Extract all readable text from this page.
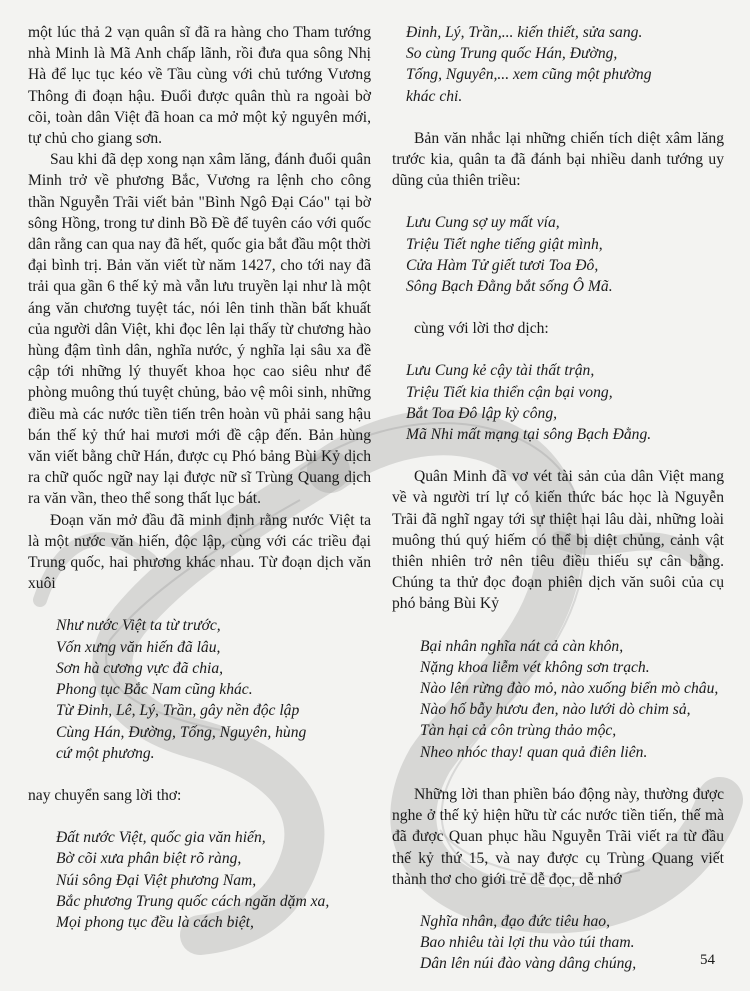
một lúc thả 2 vạn quân sĩ đã ra hàng cho Tham tướng nhà Minh là Mã Anh chấp lãnh, rồi đưa qua sông Nhị Hà để lục tục kéo về Tầu cùng với chủ tướng Vương Thông đi đoạn hậu. Đuổi được quân thù ra ngoài bờ cõi, toàn dân Việt đã hoan ca mở một kỷ nguyên mới, tự chủ cho giang sơn.

Sau khi đã dẹp xong nạn xâm lăng, đánh đuổi quân Minh trở về phương Bắc, Vương ra lệnh cho công thần Nguyễn Trãi viết bản "Bình Ngô Đại Cáo" tại bờ sông Hồng, trong tư dinh Bồ Đề để tuyên cáo với quốc dân rằng can qua nay đã hết, quốc gia bắt đầu một thời đại bình trị. Bản văn viết từ năm 1427, cho tới nay đã trải qua gần 6 thế kỷ mà vẫn lưu truyền lại như là một áng văn chương tuyệt tác, nói lên tinh thần bất khuất của người dân Việt, khi đọc lên lại thấy từ chương hào hùng đậm tình dân, nghĩa nước, ý nghĩa lại sâu xa đề cập tới những lý thuyết khoa học cao siêu như để phòng muông thú tuyệt chủng, bảo vệ môi sinh, những điều mà các nước tiền tiến trên hoàn vũ phải sang hậu bán thế kỷ thứ hai mươi mới đề cập đến. Bản hùng văn viết bằng chữ Hán, được cụ Phó bảng Bùi Kỷ dịch ra chữ quốc ngữ nay lại được nữ sĩ Trùng Quang dịch ra văn vần, theo thể song thất lục bát.

Đoạn văn mở đầu đã minh định rằng nước Việt ta là một nước văn hiến, độc lập, cùng với các triều đại Trung quốc, hai phương khác nhau. Từ đoạn dịch văn xuôi

Như nước Việt ta từ trước,
Vốn xưng văn hiến đã lâu,
Sơn hà cương vực đã chia,
Phong tục Bắc Nam cũng khác.
Từ Đinh, Lê, Lý, Trần, gây nền độc lập
Cùng Hán, Đường, Tống, Nguyên, hùng
cứ một phương.

nay chuyển sang lời thơ:

Đất nước Việt, quốc gia văn hiến,
Bờ cõi xưa phân biệt rõ ràng,
Núi sông Đại Việt phương Nam,
Bắc phương Trung quốc cách ngăn dặm xa,
Mọi phong tục đều là cách biệt,
Đinh, Lý, Trần,... kiến thiết, sửa sang.
So cùng Trung quốc Hán, Đường,
Tống, Nguyên,... xem cũng một phường
khác chi.

Bản văn nhắc lại những chiến tích diệt xâm lăng trước kia, quân ta đã đánh bại nhiều danh tướng uy dũng của thiên triều:

Lưu Cung sợ uy mất vía,
Triệu Tiết nghe tiếng giật mình,
Cửa Hàm Tử giết tươi Toa Đô,
Sông Bạch Đằng bắt sống Ô Mã.

cùng với lời thơ dịch:

Lưu Cung kẻ cậy tài thất trận,
Triệu Tiết kia thiển cận bại vong,
Bắt Toa Đô lập kỳ công,
Mã Nhi mất mạng tại sông Bạch Đằng.

Quân Minh đã vơ vét tài sản của dân Việt mang về và người trí lự có kiến thức bác học là Nguyễn Trãi đã nghĩ ngay tới sự thiệt hại lâu dài, những loài muông thú quý hiếm có thể bị diệt chủng, cảnh vật thiên nhiên trở nên tiêu điều thiếu sự cân bằng. Chúng ta thử đọc đoạn phiên dịch văn suôi của cụ phó bảng Bùi Kỷ

Bại nhân nghĩa nát cả càn khôn,
Nặng khoa liễm vét không sơn trạch.
Nào lên rừng đào mỏ, nào xuống biển mò châu,
Nào hố bẫy hươu đen, nào lưới dò chim sả,
Tàn hại cả côn trùng thảo mộc,
Nheo nhóc thay! quan quả điên liên.

Những lời than phiền báo động này, thường được nghe ở thế kỷ hiện hữu từ các nước tiền tiến, thế mà đã được Quan phục hầu Nguyễn Trãi viết ra từ đầu thế kỷ thứ 15, và nay được cụ Trùng Quang viết thành thơ cho giới trẻ dễ đọc, dễ nhớ

Nghĩa nhân, đạo đức tiêu hao,
Bao nhiêu tài lợi thu vào túi tham.
Dân lên núi đào vàng dâng chúng,	54
